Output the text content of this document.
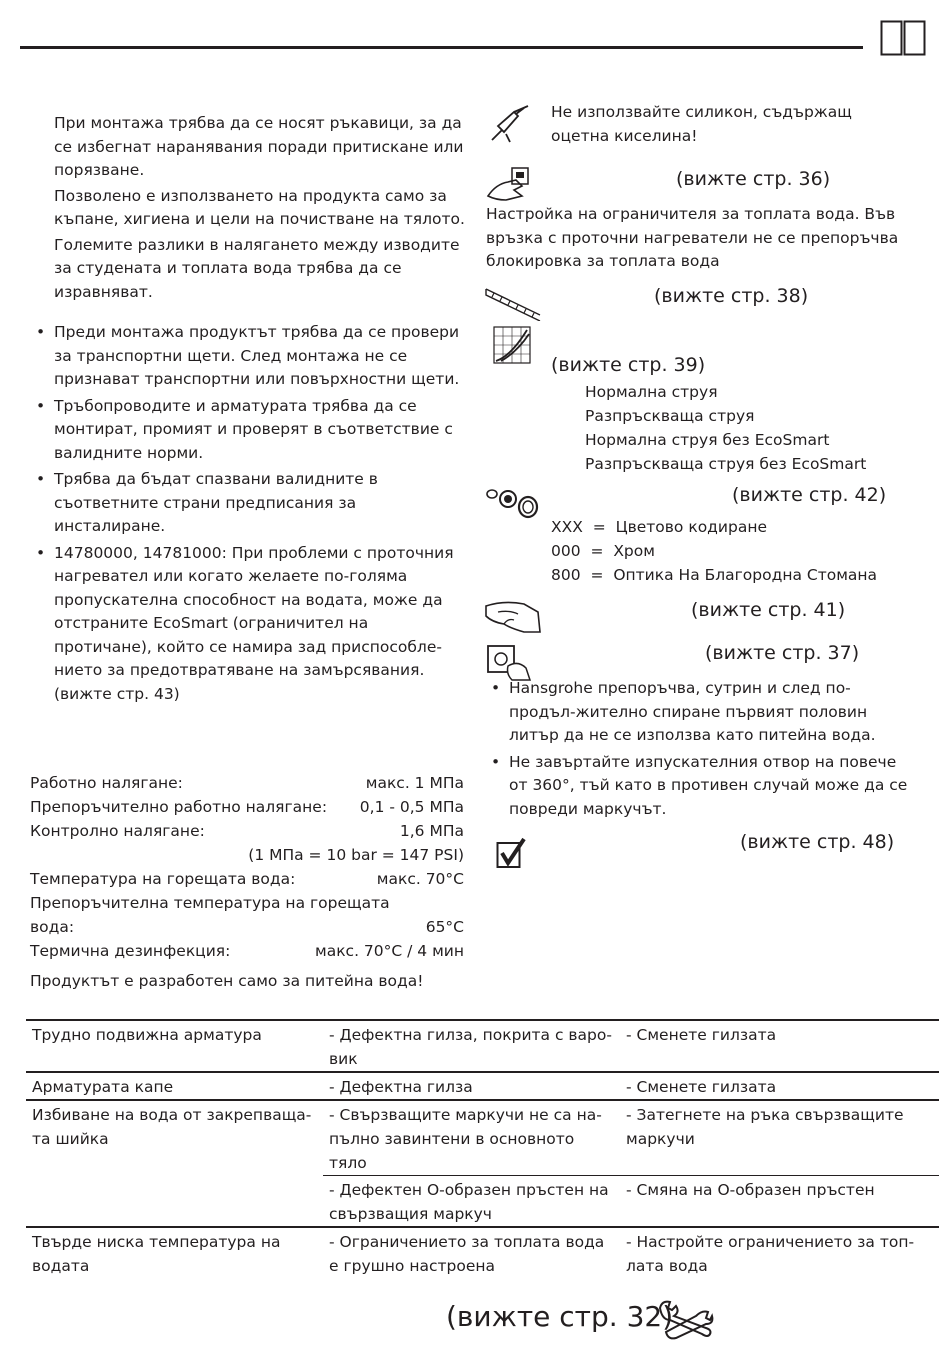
При монтажа трябва да се носят ръкавици, за да се избегнат наранявания поради притискане или порязване.
Позволено е използването на продукта само за къпане, хигиена и цели на почистване на тялото.
Големите разлики в налягането между изводите за студената и топлата вода трябва да се изравняват.
• Преди монтажа продуктът трябва да се провери за транспортни щети. След монтажа не се признават транспортни или повърхностни щети.
• Тръбопроводите и арматурата трябва да се монтират, промият и проверят в съответствие с валидните норми.
• Трябва да бъдат спазвани валидните в съответните страни предписания за инсталиране.
• 14780000, 14781000: При проблеми с проточния нагревател или когато желаете по-голяма пропускателна способност на водата, може да отстраните EcoSmart (ограничител на протичане), който се намира зад приспособле-нието за предотвратяване на замърсявания. (вижте стр. 43)
Работно налягане:	макс. 1 МПа
Препоръчително работно налягане: 0,1 - 0,5 МПа
Контролно налягане:	1,6 МПа
(1 МПа = 10 bar = 147 PSI)
Температура на горещата вода:	макс. 70°C
Препоръчителна температура на горещата
вода:	65°C
Термична дезинфекция:	макс. 70°C / 4 мин
Продуктът е разработен само за питейна вода!
Не използвайте силикон, съдържащ оцетна киселина!
(вижте стр. 36)
Настройка на ограничителя за топлата вода. Във връзка с проточни нагреватели не се препоръчва блокировка за топлата вода
(вижте стр. 38)
(вижте стр. 39)
Нормална струя
Разпръскваща струя
Нормална струя без EcoSmart
Разпръскваща струя без EcoSmart
(вижте стр. 42)
XXX = Цветово кодиране
000 = Хром
800 = Оптика На Благородна Стомана
(вижте стр. 41)
(вижте стр. 37)
• Hansgrohe препоръчва, сутрин и след по-продъл-жително спиране първият половин литър да не се използва като питейна вода.
• Не завъртайте изпускателния отвор на повече от 360°, тъй като в противен случай може да се повреди маркучът.
(вижте стр. 48)
Трудно подвижна арматура	- Дефектна гилза, покрита с варо-вик	- Сменете гилзата
Арматурата капе	- Дефектна гилза	- Сменете гилзата
Избиване на вода от закрепваща-та шийка	- Свързващите маркучи не са на-пълно завинтени в основното тяло	- Затегнете на ръка свързващите маркучи
	- Дефектен О-образен пръстен на свързващия маркуч	- Смяна на О-образен пръстен
Твърде ниска температура на водата	- Ограничението за топлата вода е грушно настроена	- Настройте ограничението за топ-лата вода
(вижте стр. 32)
